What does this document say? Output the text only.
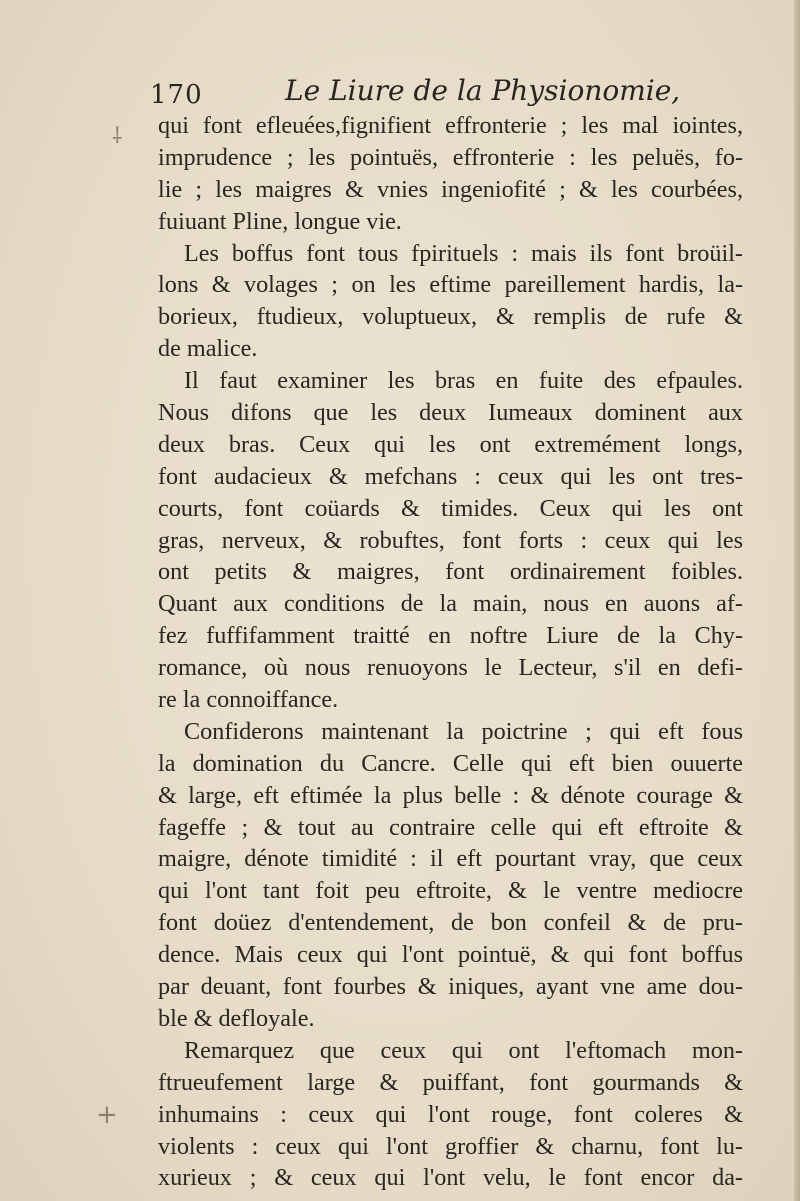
⸸
+
170	Le Liure de la Physionomie,
qui font efleuées,fignifient effronterie ; les mal iointes,
imprudence ; les pointuës, effronterie : les peluës, fo-
lie ; les maigres & vnies ingeniofité ; & les courbées,
fuiuant Pline, longue vie.
Les boffus font tous fpirituels : mais ils font broüil-
lons & volages ; on les eftime pareillement hardis, la-
borieux, ftudieux, voluptueux, & remplis de rufe &
de malice.
Il faut examiner les bras en fuite des efpaules.
Nous difons que les deux Iumeaux dominent aux
deux bras. Ceux qui les ont extremément longs,
font audacieux & mefchans : ceux qui les ont tres-
courts, font coüards & timides. Ceux qui les ont
gras, nerveux, & robuftes, font forts : ceux qui les
ont petits & maigres, font ordinairement foibles.
Quant aux conditions de la main, nous en auons af-
fez fuffifamment traitté en noftre Liure de la Chy-
romance, où nous renuoyons le Lecteur, s'il en defi-
re la connoiffance.
Confiderons maintenant la poictrine ; qui eft fous
la domination du Cancre. Celle qui eft bien ouuerte
& large, eft eftimée la plus belle : & dénote courage &
fageffe ; & tout au contraire celle qui eft eftroite &
maigre, dénote timidité : il eft pourtant vray, que ceux
qui l'ont tant foit peu eftroite, & le ventre mediocre
font doüez d'entendement, de bon confeil & de pru-
dence. Mais ceux qui l'ont pointuë, & qui font boffus
par deuant, font fourbes & iniques, ayant vne ame dou-
ble & defloyale.
Remarquez que ceux qui ont l'eftomach mon-
ftrueufement large & puiffant, font gourmands &
inhumains : ceux qui l'ont rouge, font coleres &
violents : ceux qui l'ont groffier & charnu, font lu-
xurieux ; & ceux qui l'ont velu, le font encor da-
